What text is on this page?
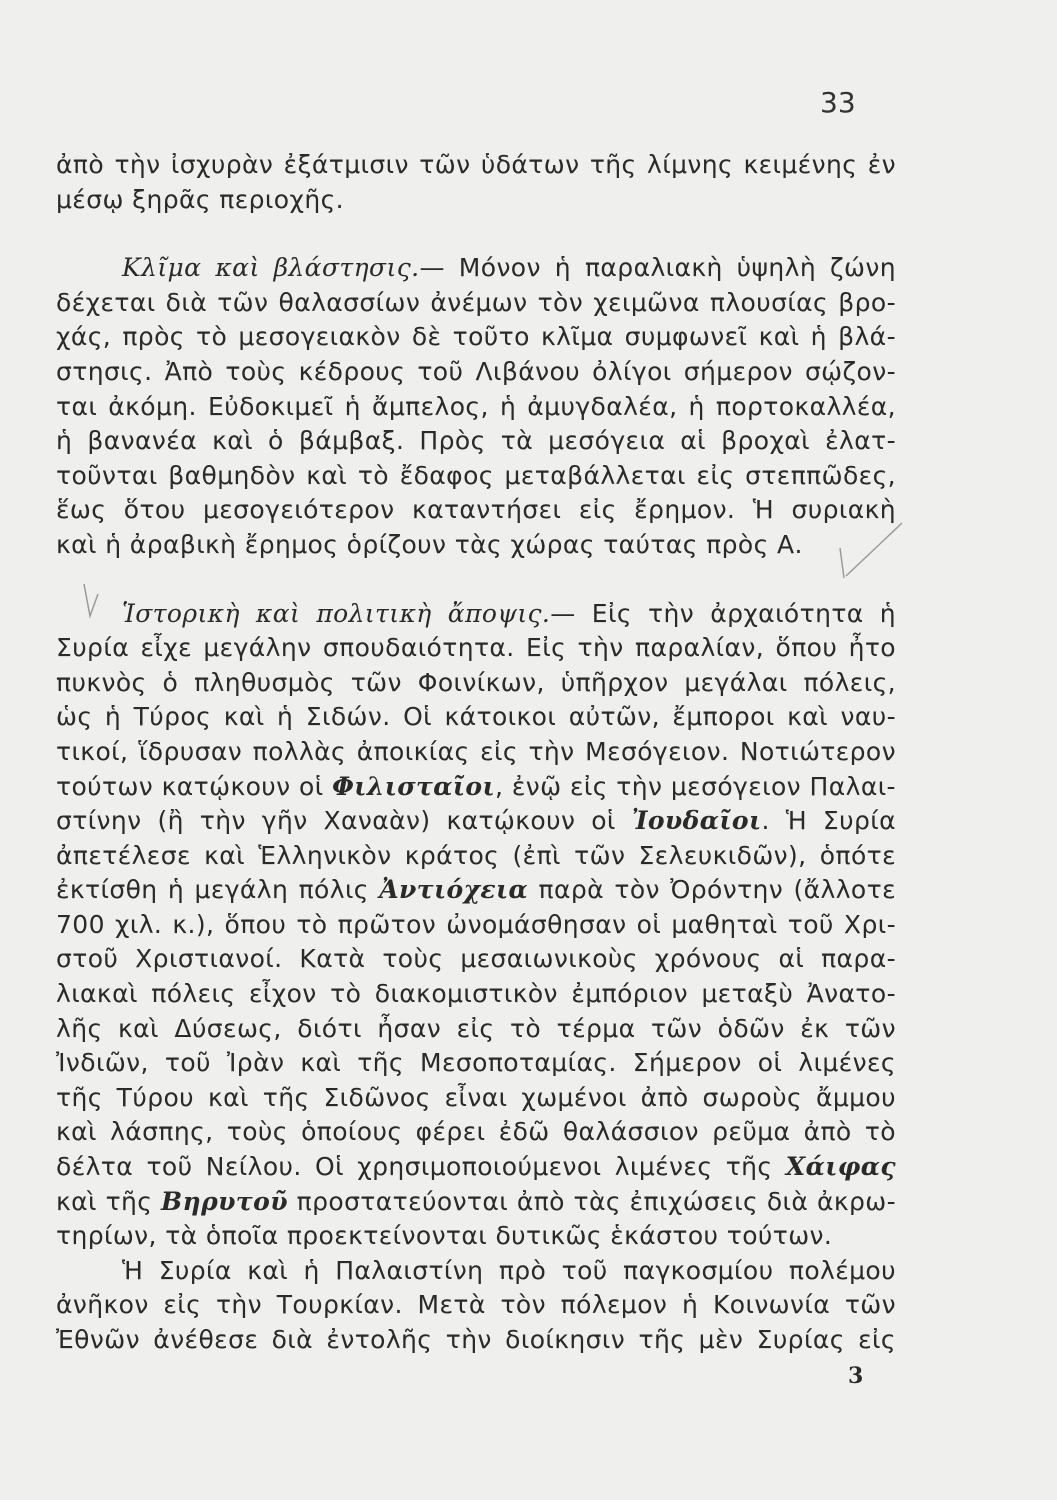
33

ἀπὸ τὴν ἰσχυρὰν ἐξάτμισιν τῶν ὑδάτων τῆς λίμνης κειμένης ἐν
μέσῳ ξηρᾶς περιοχῆς.

Κλῖμα καὶ βλάστησις.— Μόνον ἡ παραλιακὴ ὑψηλὴ ζώνη
δέχεται διὰ τῶν θαλασσίων ἀνέμων τὸν χειμῶνα πλουσίας βρο-
χάς, πρὸς τὸ μεσογειακὸν δὲ τοῦτο κλῖμα συμφωνεῖ καὶ ἡ βλά-
στησις. Ἀπὸ τοὺς κέδρους τοῦ Λιβάνου ὀλίγοι σήμερον σῴζον-
ται ἀκόμη. Εὐδοκιμεῖ ἡ ἄμπελος, ἡ ἀμυγδαλέα, ἡ πορτοκαλλέα,
ἡ βανανέα καὶ ὁ βάμβαξ. Πρὸς τὰ μεσόγεια αἱ βροχαὶ ἐλατ-
τοῦνται βαθμηδὸν καὶ τὸ ἔδαφος μεταβάλλεται εἰς στεππῶδες,
ἕως ὅτου μεσογειότερον καταντήσει εἰς ἔρημον. Ἡ συριακὴ
καὶ ἡ ἀραβικὴ ἔρημος ὁρίζουν τὰς χώρας ταύτας πρὸς Α.

Ἱστορικὴ καὶ πολιτικὴ ἄποψις.— Εἰς τὴν ἀρχαιότητα ἡ
Συρία εἶχε μεγάλην σπουδαιότητα. Εἰς τὴν παραλίαν, ὅπου ἦτο
πυκνὸς ὁ πληθυσμὸς τῶν Φοινίκων, ὑπῆρχον μεγάλαι πόλεις,
ὡς ἡ Τύρος καὶ ἡ Σιδών. Οἱ κάτοικοι αὐτῶν, ἔμποροι καὶ ναυ-
τικοί, ἵδρυσαν πολλὰς ἀποικίας εἰς τὴν Μεσόγειον. Νοτιώτερον
τούτων κατῴκουν οἱ Φιλισταῖοι, ἐνῷ εἰς τὴν μεσόγειον Παλαι-
στίνην (ἢ τὴν γῆν Χαναὰν) κατῴκουν οἱ Ἰουδαῖοι. Ἡ Συρία
ἀπετέλεσε καὶ Ἑλληνικὸν κράτος (ἐπὶ τῶν Σελευκιδῶν), ὁπότε
ἐκτίσθη ἡ μεγάλη πόλις Ἀντιόχεια παρὰ τὸν Ὀρόντην (ἄλλοτε
700 χιλ. κ.), ὅπου τὸ πρῶτον ὠνομάσθησαν οἱ μαθηταὶ τοῦ Χρι-
στοῦ Χριστιανοί. Κατὰ τοὺς μεσαιωνικοὺς χρόνους αἱ παρα-
λιακαὶ πόλεις εἶχον τὸ διακομιστικὸν ἐμπόριον μεταξὺ Ἀνατο-
λῆς καὶ Δύσεως, διότι ἦσαν εἰς τὸ τέρμα τῶν ὁδῶν ἐκ τῶν
Ἰνδιῶν, τοῦ Ἰρὰν καὶ τῆς Μεσοποταμίας. Σήμερον οἱ λιμένες
τῆς Τύρου καὶ τῆς Σιδῶνος εἶναι χωμένοι ἀπὸ σωροὺς ἄμμου
καὶ λάσπης, τοὺς ὁποίους φέρει ἐδῶ θαλάσσιον ρεῦμα ἀπὸ τὸ
δέλτα τοῦ Νείλου. Οἱ χρησιμοποιούμενοι λιμένες τῆς Χάιφας
καὶ τῆς Βηρυτοῦ προστατεύονται ἀπὸ τὰς ἐπιχώσεις διὰ ἀκρω-
τηρίων, τὰ ὁποῖα προεκτείνονται δυτικῶς ἑκάστου τούτων.

Ἡ Συρία καὶ ἡ Παλαιστίνη πρὸ τοῦ παγκοσμίου πολέμου
ἀνῆκον εἰς τὴν Τουρκίαν. Μετὰ τὸν πόλεμον ἡ Κοινωνία τῶν
Ἐθνῶν ἀνέθεσε διὰ ἐντολῆς τὴν διοίκησιν τῆς μὲν Συρίας εἰς

3
